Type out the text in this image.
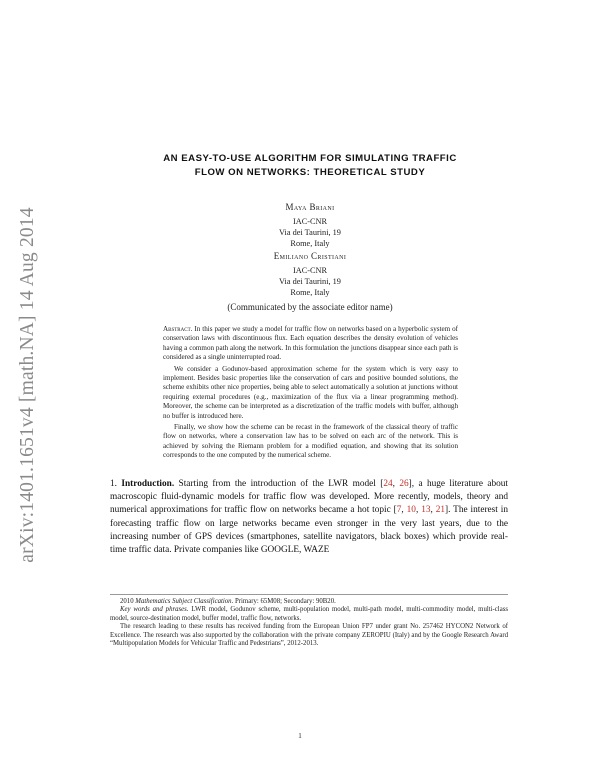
arXiv:1401.1651v4 [math.NA] 14 Aug 2014
AN EASY-TO-USE ALGORITHM FOR SIMULATING TRAFFIC
FLOW ON NETWORKS: THEORETICAL STUDY
Maya Briani
IAC-CNR
Via dei Taurini, 19
Rome, Italy
Emiliano Cristiani
IAC-CNR
Via dei Taurini, 19
Rome, Italy
(Communicated by the associate editor name)

Abstract. In this paper we study a model for traffic flow on networks based on a hyperbolic system of conservation laws with discontinuous flux. Each equation describes the density evolution of vehicles having a common path along the network. In this formulation the junctions disappear since each path is considered as a single uninterrupted road.

We consider a Godunov-based approximation scheme for the system which is very easy to implement. Besides basic properties like the conservation of cars and positive bounded solutions, the scheme exhibits other nice properties, being able to select automatically a solution at junctions without requiring external procedures (e.g., maximization of the flux via a linear programming method). Moreover, the scheme can be interpreted as a discretization of the traffic models with buffer, although no buffer is introduced here.

Finally, we show how the scheme can be recast in the framework of the classical theory of traffic flow on networks, where a conservation law has to be solved on each arc of the network. This is achieved by solving the Riemann problem for a modified equation, and showing that its solution corresponds to the one computed by the numerical scheme.

1. Introduction. Starting from the introduction of the LWR model [24, 26], a huge literature about macroscopic fluid-dynamic models for traffic flow was developed. More recently, models, theory and numerical approximations for traffic flow on networks became a hot topic [7, 10, 13, 21]. The interest in forecasting traffic flow on large networks became even stronger in the very last years, due to the increasing number of GPS devices (smartphones, satellite navigators, black boxes) which provide real-time traffic data. Private companies like GOOGLE, WAZE

2010 Mathematics Subject Classification. Primary: 65M08; Secondary: 90B20.

Key words and phrases. LWR model, Godunov scheme, multi-population model, multi-path model, multi-commodity model, multi-class model, source-destination model, buffer model, traffic flow, networks.

The research leading to these results has received funding from the European Union FP7 under grant No. 257462 HYCON2 Network of Excellence. The research was also supported by the collaboration with the private company ZEROPIU (Italy) and by the Google Research Award “Multipopulation Models for Vehicular Traffic and Pedestrians”, 2012-2013.

1
